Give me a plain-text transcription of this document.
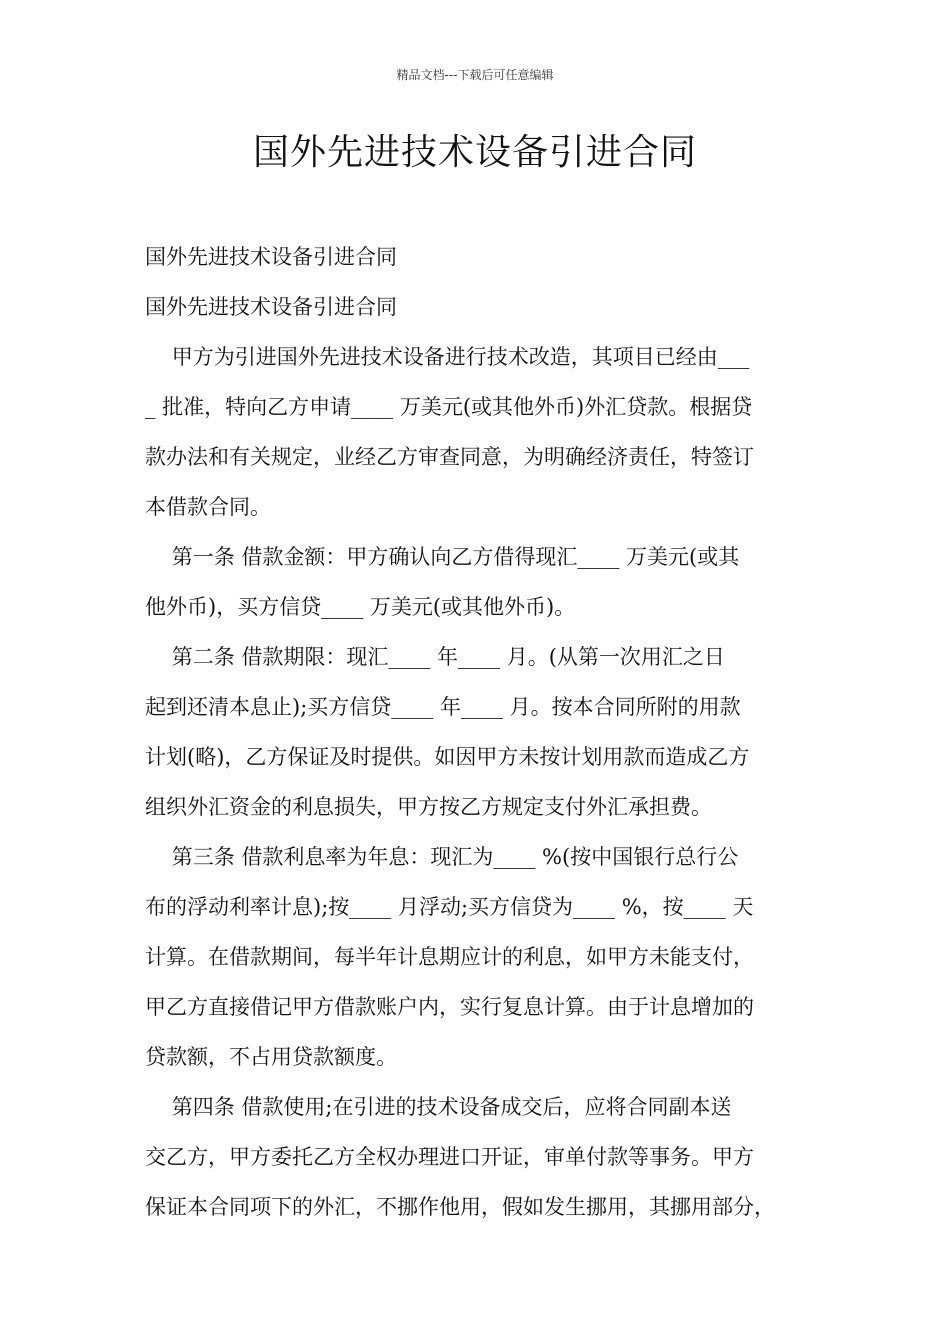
精品文档---下载后可任意编辑
国外先进技术设备引进合同
国外先进技术设备引进合同
国外先进技术设备引进合同
甲方为引进国外先进技术设备进行技术改造，其项目已经由___
_ 批准，特向乙方申请____ 万美元(或其他外币)外汇贷款。根据贷
款办法和有关规定，业经乙方审查同意，为明确经济责任，特签订
本借款合同。
第一条 借款金额：甲方确认向乙方借得现汇____ 万美元(或其
他外币)，买方信贷____ 万美元(或其他外币)。
第二条 借款期限：现汇____ 年____ 月。(从第一次用汇之日
起到还清本息止);买方信贷____ 年____ 月。按本合同所附的用款
计划(略)，乙方保证及时提供。如因甲方未按计划用款而造成乙方
组织外汇资金的利息损失，甲方按乙方规定支付外汇承担费。
第三条 借款利息率为年息：现汇为____ %(按中国银行总行公
布的浮动利率计息);按____ 月浮动;买方信贷为____ %，按____ 天
计算。在借款期间，每半年计息期应计的利息，如甲方未能支付，
甲乙方直接借记甲方借款账户内，实行复息计算。由于计息增加的
贷款额，不占用贷款额度。
第四条 借款使用;在引进的技术设备成交后，应将合同副本送
交乙方，甲方委托乙方全权办理进口开证，审单付款等事务。甲方
保证本合同项下的外汇，不挪作他用，假如发生挪用，其挪用部分，
